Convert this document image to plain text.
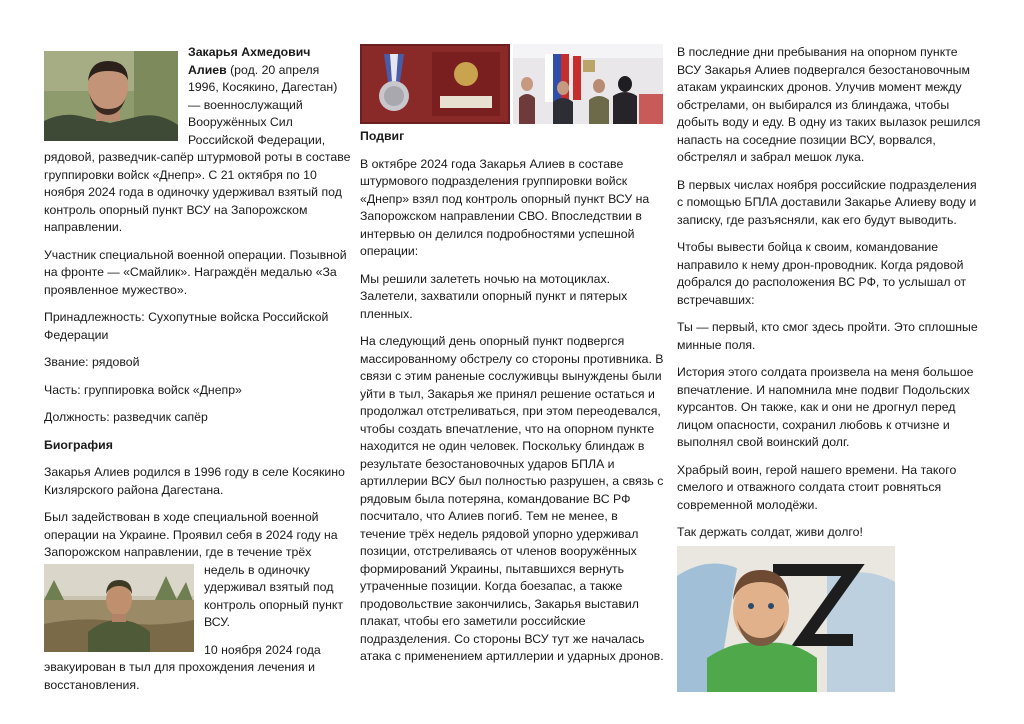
Закарья Ахмедович Алиев (род. 20 апреля 1996, Косякино, Дагестан) — военнослужащий Вооружённых Сил Российской Федерации, рядовой, разведчик-сапёр штурмовой роты в составе группировки войск «Днепр». С 21 октября по 10 ноября 2024 года в одиночку удерживал взятый под контроль опорный пункт ВСУ на Запорожском направлении.

Участник специальной военной операции. Позывной на фронте — «Смайлик». Награждён медалью «За проявленное мужество».

Принадлежность: Сухопутные войска Российской Федерации

Звание: рядовой

Часть: группировка войск «Днепр»

Должность: разведчик сапёр

Биография

Закарья Алиев родился в 1996 году в селе Косякино Кизлярского района Дагестана.

Был задействован в ходе специальной военной операции на Украине. Проявил себя в 2024 году на Запорожском направлении, где в течение трёх

недель в одиночку удерживал взятый под контроль опорный пункт ВСУ.

10 ноября 2024 года эвакуирован в тыл для прохождения лечения и восстановления.

Подвиг

В октябре 2024 года Закарья Алиев в составе штурмового подразделения группировки войск «Днепр» взял под контроль опорный пункт ВСУ на Запорожском направлении СВО. Впоследствии в интервью он делился подробностями успешной операции:

Мы решили залететь ночью на мотоциклах. Залетели, захватили опорный пункт и пятерых пленных.

На следующий день опорный пункт подвергся массированному обстрелу со стороны противника. В связи с этим раненые сослуживцы вынуждены были уйти в тыл, Закарья же принял решение остаться и продолжал отстреливаться, при этом переодевался, чтобы создать впечатление, что на опорном пункте находится не один человек. Поскольку блиндаж в результате безостановочных ударов БПЛА и артиллерии ВСУ был полностью разрушен, а связь с рядовым была потеряна, командование ВС РФ посчитало, что Алиев погиб. Тем не менее, в течение трёх недель рядовой упорно удерживал позиции, отстреливаясь от членов вооружённых формирований Украины, пытавшихся вернуть утраченные позиции. Когда боезапас, а также продовольствие закончились, Закарья выставил плакат, чтобы его заметили российские подразделения. Со стороны ВСУ тут же началась атака с применением артиллерии и ударных дронов.

В последние дни пребывания на опорном пункте ВСУ Закарья Алиев подвергался безостановочным атакам украинских дронов. Улучив момент между обстрелами, он выбирался из блиндажа, чтобы добыть воду и еду. В одну из таких вылазок решился напасть на соседние позиции ВСУ, ворвался, обстрелял и забрал мешок лука.

В первых числах ноября российские подразделения с помощью БПЛА доставили Закарье Алиеву воду и записку, где разъясняли, как его будут выводить.

Чтобы вывести бойца к своим, командование направило к нему дрон-проводник. Когда рядовой добрался до расположения ВС РФ, то услышал от встречавших:

Ты — первый, кто смог здесь пройти. Это сплошные минные поля.

История этого солдата произвела на меня большое впечатление. И напомнила мне подвиг Подольских курсантов. Он также, как и они не дрогнул перед лицом опасности, сохранил любовь к отчизне и выполнял свой воинский долг.

Храбрый воин, герой нашего времени. На такого смелого и отважного солдата стоит ровняться современной молодёжи.

Так держать солдат, живи долго!
